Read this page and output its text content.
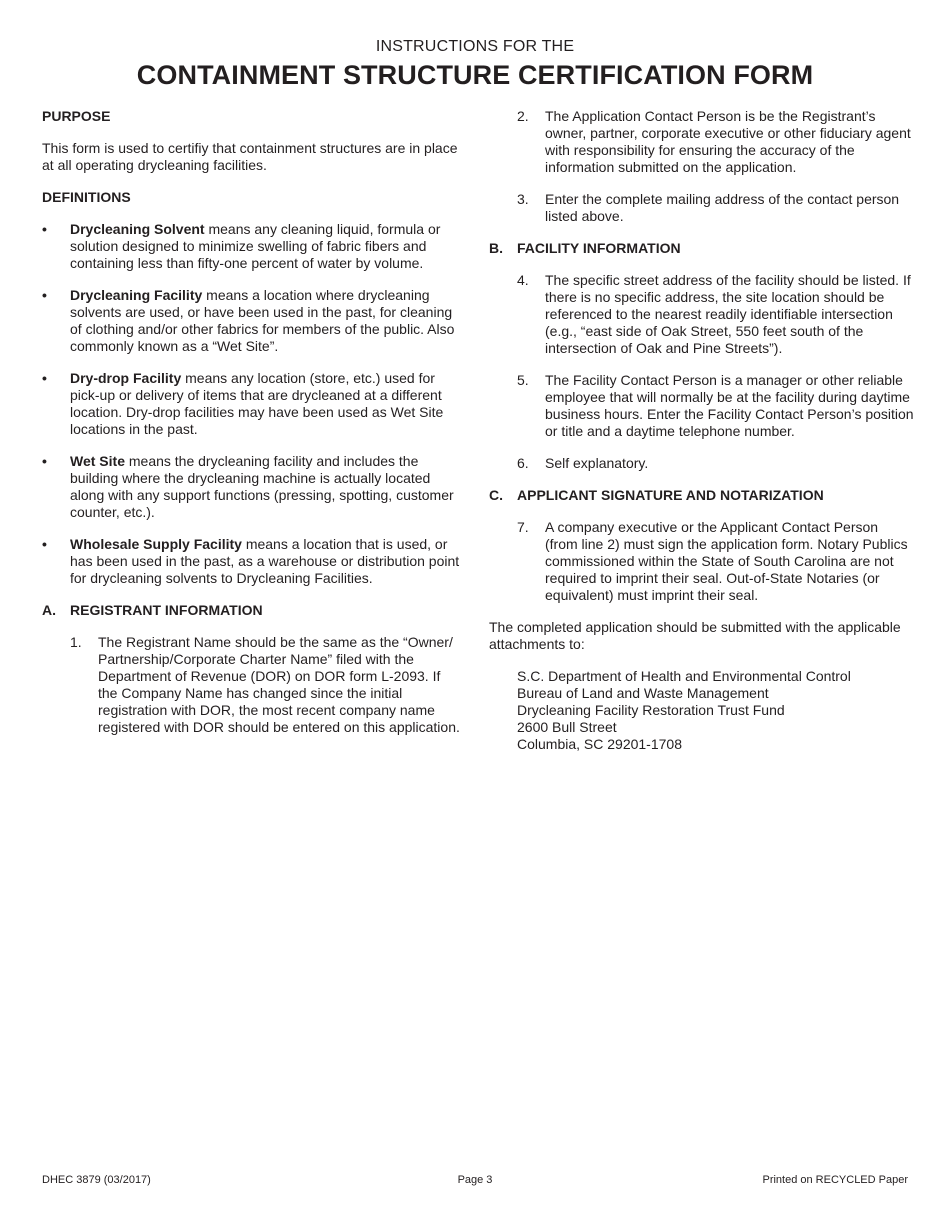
INSTRUCTIONS FOR THE
CONTAINMENT STRUCTURE CERTIFICATION FORM

PURPOSE

This form is used to certifiy that containment structures are in place at all operating drycleaning facilities.

DEFINITIONS

• Drycleaning Solvent means any cleaning liquid, formula or solution designed to minimize swelling of fabric fibers and containing less than fifty-one percent of water by volume.
• Drycleaning Facility means a location where drycleaning solvents are used, or have been used in the past, for cleaning of clothing and/or other fabrics for members of the public. Also commonly known as a “Wet Site”.
• Dry-drop Facility means any location (store, etc.) used for pick-up or delivery of items that are drycleaned at a different location. Dry-drop facilities may have been used as Wet Site locations in the past.
• Wet Site means the drycleaning facility and includes the building where the drycleaning machine is actually located along with any support functions (pressing, spotting, customer counter, etc.).
• Wholesale Supply Facility means a location that is used, or has been used in the past, as a warehouse or distribution point for drycleaning solvents to Drycleaning Facilities.
A. REGISTRANT INFORMATION
1. The Registrant Name should be the same as the “Owner/ Partnership/Corporate Charter Name” filed with the Department of Revenue (DOR) on DOR form L-2093. If the Company Name has changed since the initial registration with DOR, the most recent company name registered with DOR should be entered on this application.
2. The Application Contact Person is be the Registrant’s owner, partner, corporate executive or other fiduciary agent with responsibility for ensuring the accuracy of the information submitted on the application.
3. Enter the complete mailing address of the contact person listed above.
B. FACILITY INFORMATION
4. The specific street address of the facility should be listed. If there is no specific address, the site location should be referenced to the nearest readily identifiable intersection (e.g., “east side of Oak Street, 550 feet south of the intersection of Oak and Pine Streets”).
5. The Facility Contact Person is a manager or other reliable employee that will normally be at the facility during daytime business hours. Enter the Facility Contact Person’s position or title and a daytime telephone number.
6. Self explanatory.
C. APPLICANT SIGNATURE AND NOTARIZATION
7. A company executive or the Applicant Contact Person (from line 2) must sign the application form. Notary Publics commissioned within the State of South Carolina are not required to imprint their seal. Out-of-State Notaries (or equivalent) must imprint their seal.

The completed application should be submitted with the applicable attachments to:

S.C. Department of Health and Environmental Control
Bureau of Land and Waste Management
Drycleaning Facility Restoration Trust Fund
2600 Bull Street
Columbia, SC 29201-1708
DHEC 3879 (03/2017)	Page 3	Printed on RECYCLED Paper
